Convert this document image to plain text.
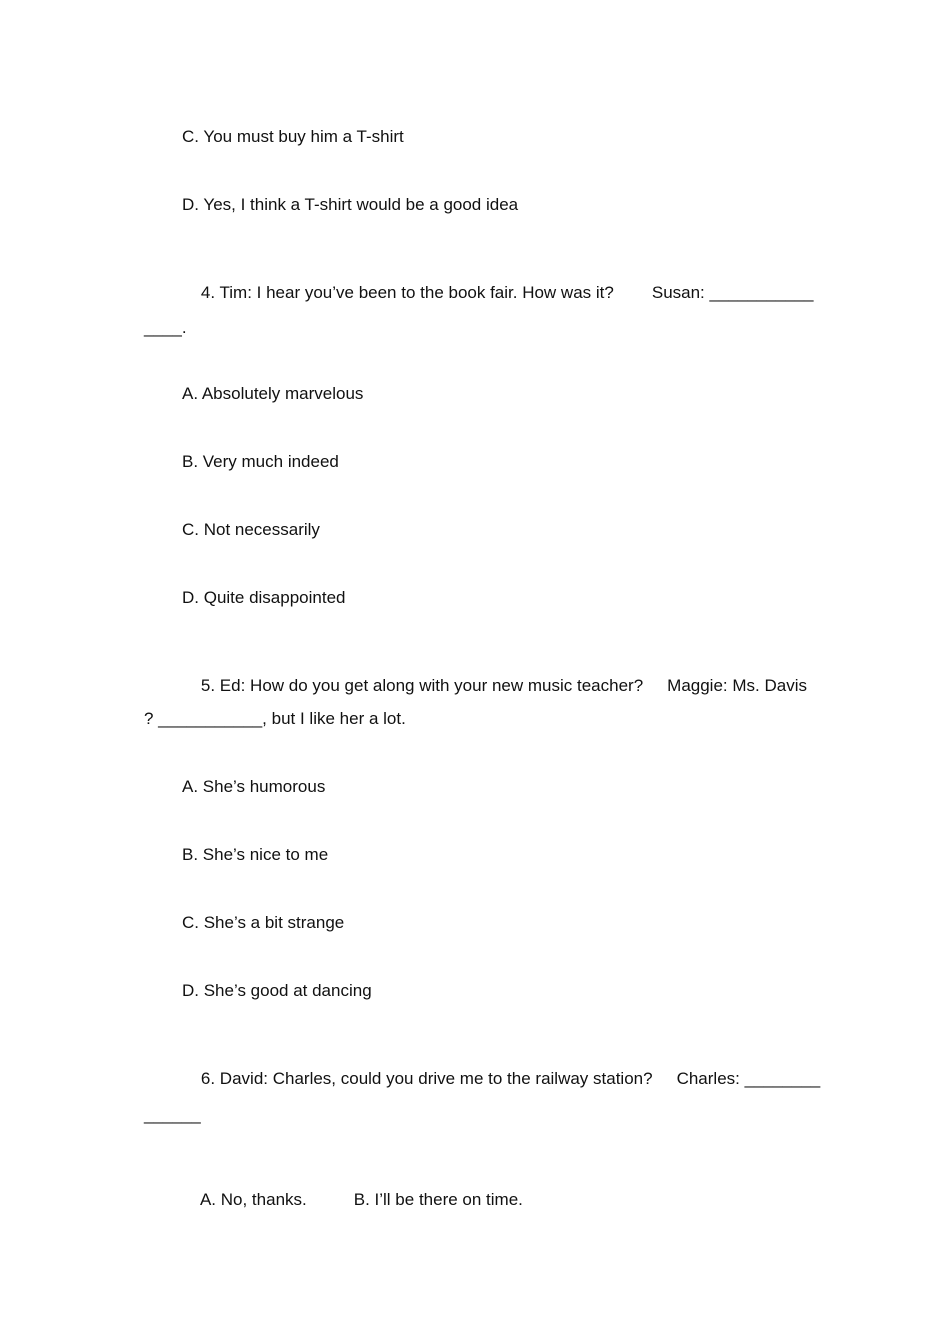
C. You must buy him a T-shirt
D. Yes, I think a T-shirt would be a good idea

4. Tim: I hear you’ve been to the book fair. How was it? Susan: ___________

____.
A. Absolutely marvelous
B. Very much indeed
C. Not necessarily
D. Quite disappointed

5. Ed: How do you get along with your new music teacher? Maggie: Ms. Davis

? ___________, but I like her a lot.
A. She’s humorous
B. She’s nice to me
C. She’s a bit strange
D. She’s good at dancing

6. David: Charles, could you drive me to the railway station? Charles: ________

______

A. No, thanks.	B. I’ll be there on time.
